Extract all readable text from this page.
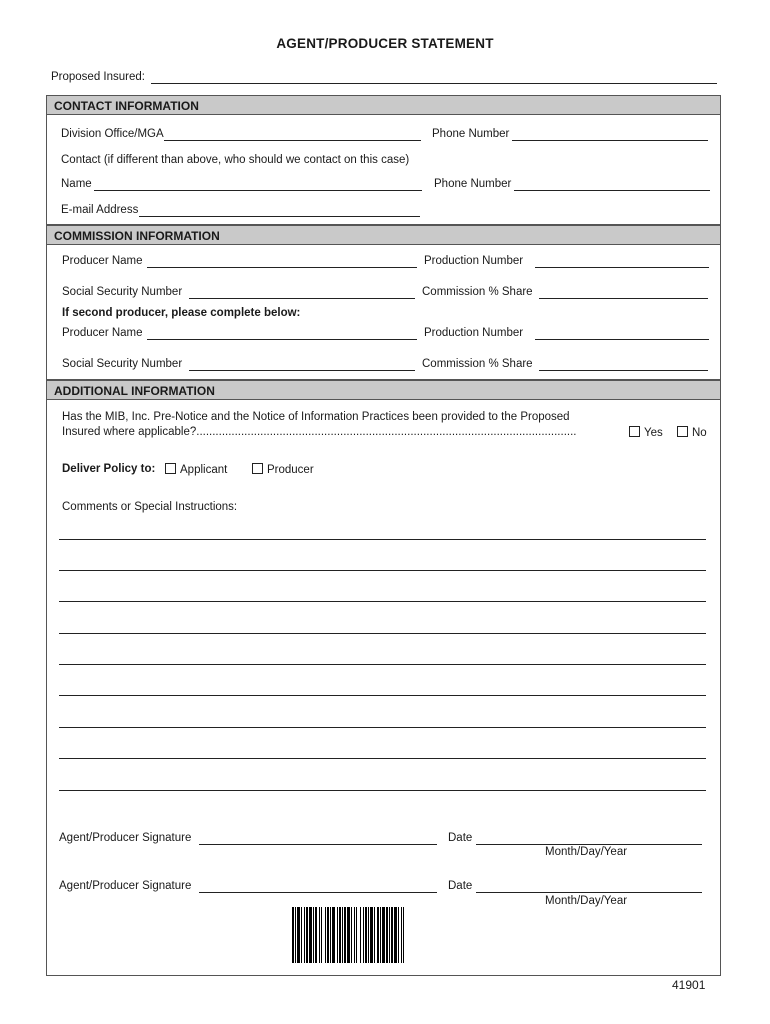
AGENT/PRODUCER STATEMENT
Proposed Insured:
CONTACT INFORMATION
Division Office/MGA	Phone Number
Contact (if different than above, who should we contact on this case)
Name	Phone Number
E-mail Address
COMMISSION INFORMATION
Producer Name	Production Number
Social Security Number	Commission % Share
If second producer, please complete below:
Producer Name	Production Number
Social Security Number	Commission % Share
ADDITIONAL INFORMATION
Has the MIB, Inc. Pre-Notice and the Notice of Information Practices been provided to the Proposed
Insured where applicable?.......................................................................................................................	Yes	No
Deliver Policy to:	Applicant	Producer
Comments or Special Instructions:
Agent/Producer Signature	Date
Month/Day/Year
Agent/Producer Signature	Date
Month/Day/Year
41901
